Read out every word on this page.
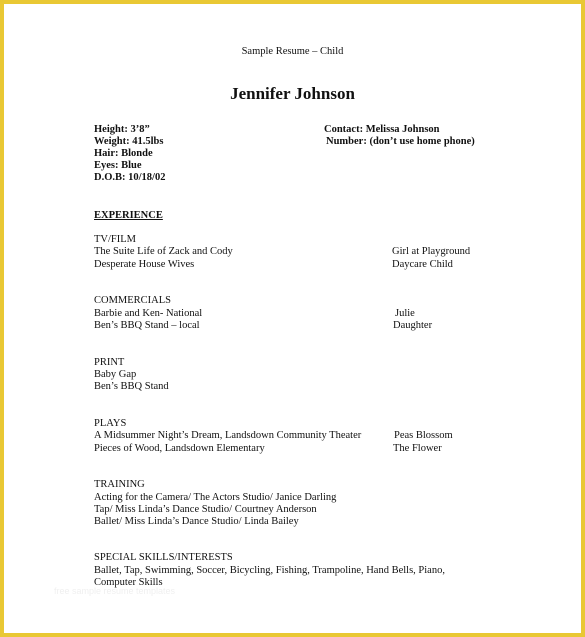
Sample Resume – Child
Jennifer Johnson
Height: 3’8”
Weight: 41.5lbs
Hair: Blonde
Eyes: Blue
D.O.B: 10/18/02
Contact: Melissa Johnson
Number: (don’t use home phone)
EXPERIENCE
TV/FILM
The Suite Life of Zack and Cody	Girl at Playground
Desperate House Wives	Daycare Child
COMMERCIALS
Barbie and Ken- National	Julie
Ben’s BBQ Stand – local	Daughter
PRINT
Baby Gap
Ben’s BBQ Stand
PLAYS
A Midsummer Night’s Dream, Landsdown Community Theater	Peas Blossom
Pieces of Wood, Landsdown Elementary	The Flower
TRAINING
Acting for the Camera/ The Actors Studio/ Janice Darling
Tap/ Miss Linda’s Dance Studio/ Courtney Anderson
Ballet/ Miss Linda’s Dance Studio/ Linda Bailey
SPECIAL SKILLS/INTERESTS
Ballet, Tap, Swimming, Soccer, Bicycling, Fishing, Trampoline, Hand Bells, Piano,
Computer Skills
free sample resume templates
